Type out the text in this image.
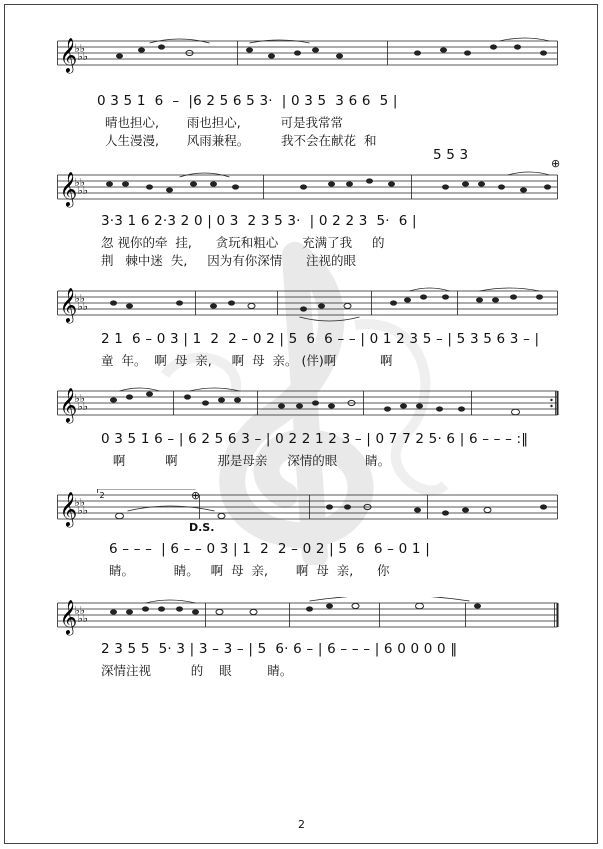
𝄞
♭♭
♭♭
0 3 5 1̇  6  –  |6 2 5 6 5 3·  | 0 3 5  3 6 6  5 |
晴也担心,       雨也担心,          可是我常常
人生漫漫,       风雨兼程。        我不会在献花  和
5 5 3
⊕
𝄞
♭♭
♭♭
3·3 1 6 2·3 2 0 | 0 3  2 3 5 3·  | 0 2 2 3  5·  6 |
忽 视你的牵  挂,      贪玩和粗心      充满了我     的
荆   棘中迷  失,     因为有你深情      注视的眼
𝄞
♭♭
♭♭
2 1  6 – 0 3 | 1  2  2 – 0 2 | 5  6  6 – – | 0 1 2 3 5 – | 5 3 5 6 3 – |
童  年。  啊  母  亲,     啊  母  亲。 (伴)啊           啊
𝄞
♭♭
♭♭
0 3 5 1̇ 6 – | 6 2 5 6 3 – | 0 2 2 1 2 3 – | 0 7 7 2 5· 6 | 6 – – – :‖
啊          啊          那是母亲     深情的眼       睛。
2
𝄞
♭♭
♭♭
⊕
D.S.
6 – – –  | 6 – – 0 3 | 1  2  2 – 0 2 | 5  6  6 – 0 1 |
睛。          睛。   啊  母  亲,       啊  母  亲,      你
𝄞
♭♭
♭♭
2 3 5 5  5· 3 | 3 – 3 – | 5  6· 6 – | 6 – – – | 6 0 0 0 0 ‖
深情注视          的    眼         睛。
2
